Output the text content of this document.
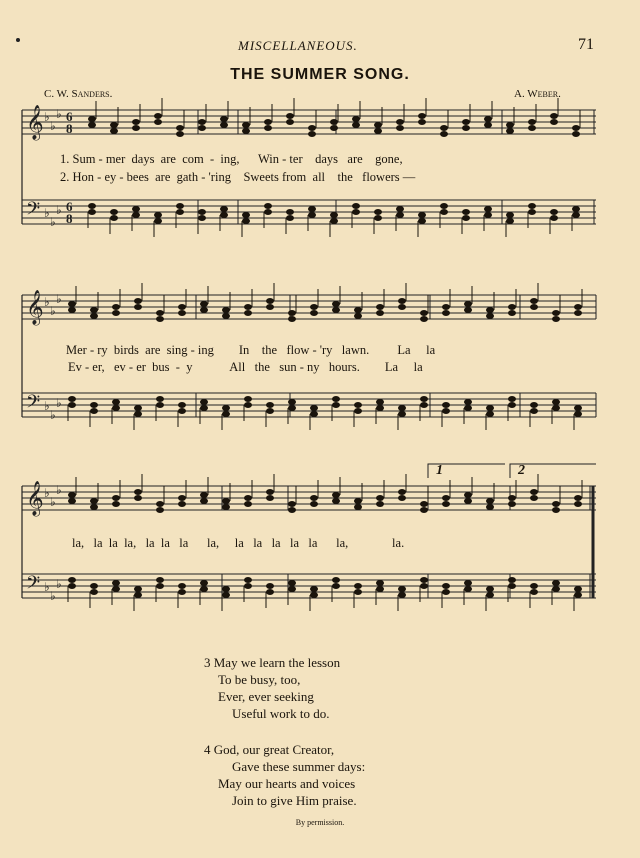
MISCELLANEOUS.	71
THE SUMMER SONG.
C. W. Sanders.	A. Weber.
𝄞
𝄢
♭
♭
♭
♭
♭
♭
6
6
8
8
𝄞
𝄢
♭
♭
♭
♭
♭
♭
𝄞
𝄢
♭
♭
♭
♭
♭
♭
1. Sum - mer  days  are  com  -  ing,      Win - ter    days   are    gone,
2. Hon - ey - bees  are  gath - 'ring    Sweets from  all    the   flowers —
Mer - ry  birds  are  sing - ing        In    the   flow - 'ry   lawn.         La     la
Ev - er,   ev - er  bus  -  y            All   the   sun - ny   hours.        La     la
1	2
la,   la  la  la,   la  la   la      la,     la   la   la   la   la      la,              la.
3 May we learn the lesson
To be busy, too,
Ever, ever seeking
Useful work to do.
4 God, our great Creator,
Gave these summer days:
May our hearts and voices
Join to give Him praise.
By permission.
